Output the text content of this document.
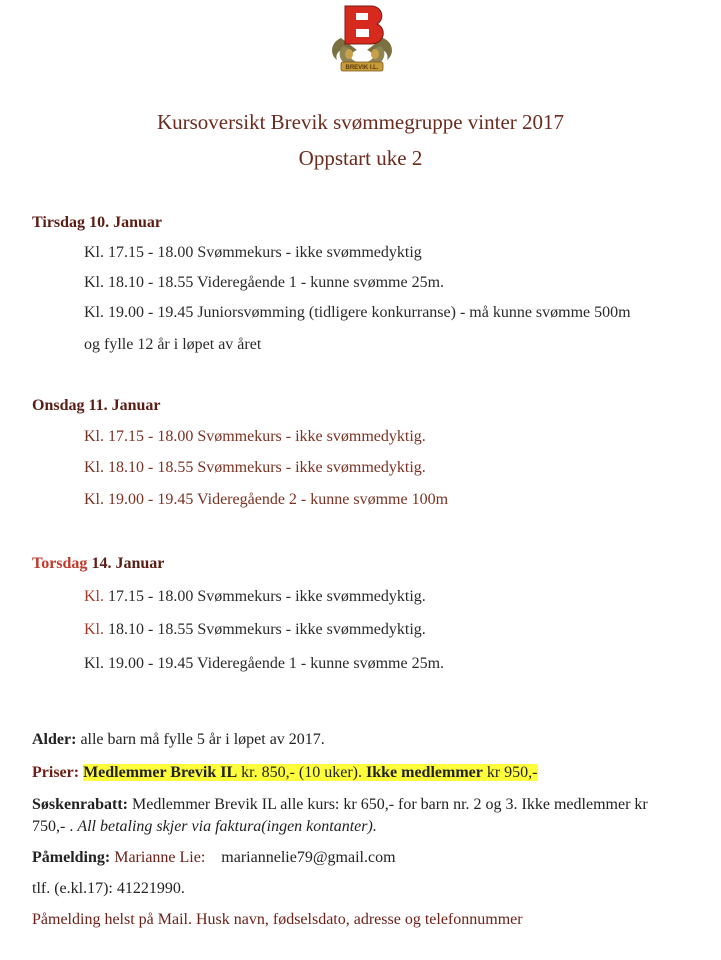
BREVIK I.L.
Kursoversikt Brevik svømmegruppe vinter 2017
Oppstart uke 2
Tirsdag 10. Januar
Kl. 17.15 - 18.00 Svømmekurs - ikke svømmedyktig
Kl. 18.10 - 18.55 Videregående 1 - kunne svømme 25m.
Kl. 19.00 - 19.45 Juniorsvømming (tidligere konkurranse) - må kunne svømme 500m
og fylle 12 år i løpet av året
Onsdag 11. Januar
Kl. 17.15 - 18.00 Svømmekurs - ikke svømmedyktig.
Kl. 18.10 - 18.55 Svømmekurs - ikke svømmedyktig.
Kl. 19.00 - 19.45 Videregående 2 - kunne svømme 100m
Torsdag 14. Januar
Kl. 17.15 - 18.00 Svømmekurs - ikke svømmedyktig.
Kl. 18.10 - 18.55 Svømmekurs - ikke svømmedyktig.
Kl. 19.00 - 19.45 Videregående 1 - kunne svømme 25m.
Alder: alle barn må fylle 5 år i løpet av 2017.
Priser: Medlemmer Brevik IL kr. 850,- (10 uker). Ikke medlemmer kr 950,-
Søskenrabatt: Medlemmer Brevik IL alle kurs: kr 650,- for barn nr. 2 og 3. Ikke medlemmer kr
750,- . All betaling skjer via faktura(ingen kontanter).
Påmelding: Marianne Lie: mariannelie79@gmail.com
tlf. (e.kl.17): 41221990.
Påmelding helst på Mail. Husk navn, fødselsdato, adresse og telefonnummer
